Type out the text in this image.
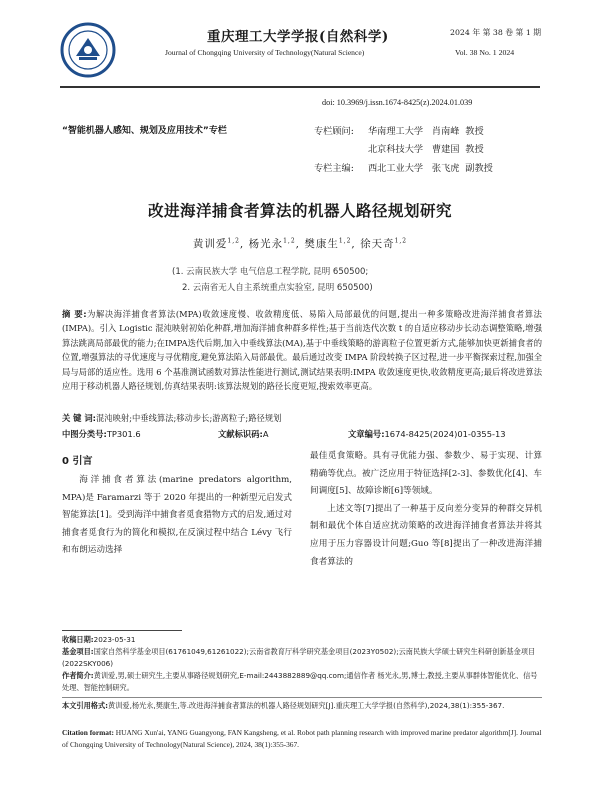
重庆理工大学学报(自然科学)
Journal of Chongqing University of Technology(Natural Science)
2024 年 第 38 卷 第 1 期
Vol. 38 No. 1 2024
doi: 10.3969/j.issn.1674-8425(z).2024.01.039
“智能机器人感知、规划及应用技术”专栏	专栏顾问: 华南理工大学   肖南峰  教授
北京科技大学   曹建国  教授
专栏主编: 西北工业大学   张飞虎  副教授
改进海洋捕食者算法的机器人路径规划研究
黄训爱$^{1,2}$, 杨光永$^{1,2}$, 樊康生$^{1,2}$, 徐天奇$^{1,2}$
(1. 云南民族大学 电气信息工程学院, 昆明 650500;
2. 云南省无人自主系统重点实验室, 昆明 650500)
摘 要:为解决海洋捕食者算法(MPA)收敛速度慢、收敛精度低、易陷入局部最优的问题,提出一种多策略改进海洋捕食者算法(IMPA)。引入 Logistic 混沌映射初始化种群,增加海洋捕食种群多样性;基于当前迭代次数 t 的自适应移动步长动态调整策略,增强算法跳离局部最优的能力;在IMPA迭代后期,加入中垂线算法(MA),基于中垂线策略的游离粒子位置更新方式,能够加快更新捕食者的位置,增强算法的寻优速度与寻优精度,避免算法陷入局部最优。最后通过改变 IMPA 阶段转换子区过程,进一步平衡探索过程,加强全局与局部的适应性。选用 6 个基准测试函数对算法性能进行测试,测试结果表明:IMPA 收敛速度更快,收敛精度更高;最后将改进算法应用于移动机器人路径规划,仿真结果表明:该算法规划的路径长度更短,搜索效率更高。
关 键 词:混沌映射;中垂线算法;移动步长;游离粒子;路径规划
中图分类号:TP301.6	文献标识码:A	文章编号:1674-8425(2024)01-0355-13
0 引言

海洋捕食者算法(marine predators algorithm, MPA)是 Faramarzi 等于 2020 年提出的一种新型元启发式智能算法[1]。受到海洋中捕食者觅食猎物方式的启发,通过对捕食者觅食行为的简化和模拟,在反演过程中结合 Lévy 飞行和布朗运动选择

最佳觅食策略。具有寻优能力强、参数少、易于实现、计算精确等优点。被广泛应用于特征选择[2-3]、参数优化[4]、车间调度[5]、故障诊断[6]等领域。

上述文等[7]提出了一种基于反向差分变异的种群交异机制和最优个体自适应扰动策略的改进海洋捕食者算法并将其应用于压力容器设计问题;Guo 等[8]提出了一种改进海洋捕食者算法的

收稿日期:2023-05-31
基金项目:国家自然科学基金项目(61761049,61261022);云南省教育厅科学研究基金项目(2023Y0502);云南民族大学硕士研究生科研创新基金项目(2022SKY006)
作者简介:黄训爱,男,硕士研究生,主要从事路径规划研究,E-mail:2443882889@qq.com;通信作者 杨光永,男,博士,教授,主要从事群体智能优化、信号处理、智能控制研究。
本文引用格式:黄训爱,杨光永,樊康生,等.改进海洋捕食者算法的机器人路径规划研究[J].重庆理工大学学报(自然科学),2024,38(1):355-367.
Citation format: HUANG Xun'ai, YANG Guangyong, FAN Kangsheng, et al. Robot path planning research with improved marine predator algorithm[J]. Journal of Chongqing University of Technology(Natural Science), 2024, 38(1):355-367.
